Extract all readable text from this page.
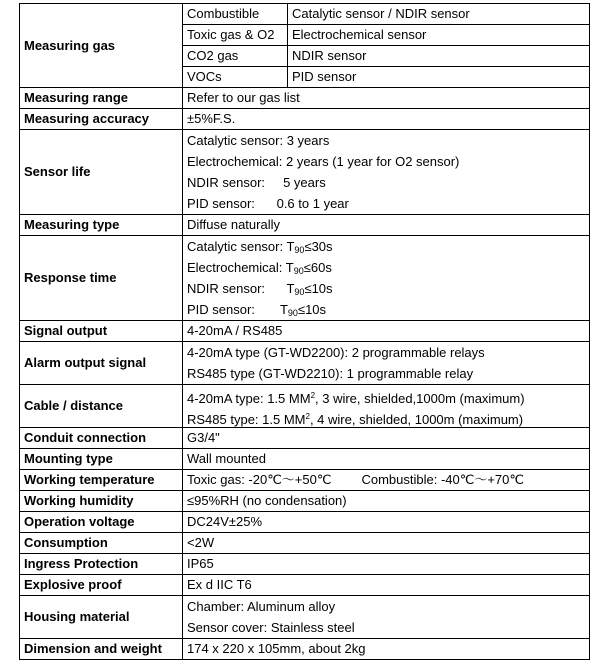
Measuring gas	Combustible	Catalytic sensor / NDIR sensor
	Toxic gas & O2	Electrochemical sensor
	CO2 gas	NDIR sensor
	VOCs	PID sensor
Measuring range	Refer to our gas list	
Measuring accuracy	±5%F.S.	
Sensor life	Catalytic sensor: 3 years
Electrochemical: 2 years (1 year for O2 sensor)
NDIR sensor:     5 years
PID sensor:      0.6 to 1 year	

Measuring type	Diffuse naturally	
Response time	Catalytic sensor: T90≤30s
Electrochemical: T90≤60s
NDIR sensor:      T90≤10s
PID sensor:       T90≤10s	

Signal output	4-20mA / RS485	
Alarm output signal	4-20mA type (GT-WD2200): 2 programmable relays
RS485 type (GT-WD2210): 1 programmable relay	

Cable / distance	4-20mA type: 1.5 $MM^2$, 3 wire, shielded,1000m (maximum)
RS485 type: 1.5 $MM^2$, 4 wire, shielded, 1000m (maximum)	

Conduit connection	G3/4"	
Mounting type	Wall mounted	
Working temperature	Toxic gas: -20℃～+50℃ Combustible: -40℃～+70℃	
Working humidity	≤95%RH (no condensation)	
Operation voltage	DC24V±25%	
Consumption	<2W	
Ingress Protection	IP65	
Explosive proof	Ex d IIC T6	
Housing material	Chamber: Aluminum alloy
Sensor cover: Stainless steel	

Dimension and weight	174 x 220 x 105mm, about 2kg	
